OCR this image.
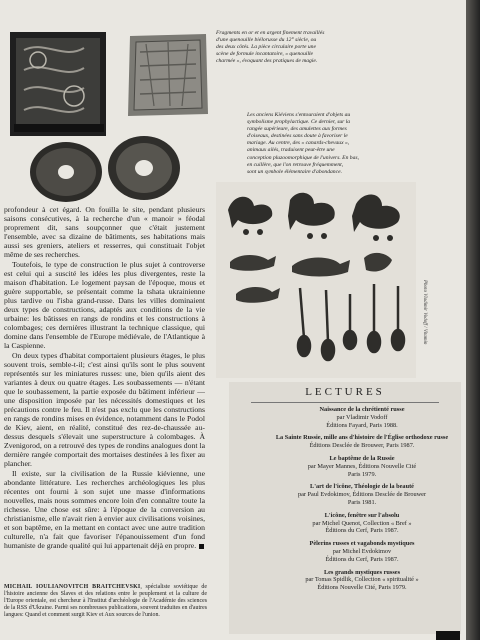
Fragments en or et en argent finement travaillés
d'une quenouille biélorusse du 12° siècle, ou
des deux côtés. La pièce circulaire porte une
scène de formule incantatoire, « quenouille
charmée », évoquant des pratiques de magie.
Les anciens Kiéviens s'entouraient d'objets au
symbolisme prophylactique. Ce dernier, sur la
rangée supérieure, des amulettes aux formes
d'oiseaux, destinées sans doute à favoriser le
mariage. Au centre, des « canards-chevaux »,
animaux ailés, traduisent peut-être une
conception pluzoomorphique de l'univers. En bas,
en cuillère, que l'on retrouve fréquemment,
sont un symbole élémentaire d'abondance.
Photo Vladimir Vodoff / Vitamin

profondeur à cet égard. On fouilla le site, pendant plusieurs saisons consécutives, à la recherche d'un « manoir » féodal proprement dit, sans soupçonner que c'était justement l'ensemble, avec sa dizaine de bâtiments, ses habitations mais aussi ses greniers, ateliers et resserres, qui constituait l'objet même de ses recherches.

Toutefois, le type de construction le plus sujet à controverse est celui qui a suscité les idées les plus divergentes, reste la maison d'habitation. Le logement paysan de l'époque, mous et guère supportable, se présentait comme la tshata ukrainienne plus tardive ou l'isba grand-russe. Dans les villes dominaient deux types de constructions, adaptés aux conditions de la vie urbaine: les bâtisses en rangs de rondins et les constructions à colombages; ces dernières illustrant la technique classique, qui domine dans l'ensemble de l'Europe médiévale, de l'Atlantique à la Caspienne.

On deux types d'habitat comportaient plusieurs étages, le plus souvent trois, semble-t-il; c'est ainsi qu'ils sont le plus souvent représentés sur les miniatures russes: une, bien qu'ils aient des variantes à deux ou quatre étages. Les soubassements — n'étant que le soubassement, la partie exposée du bâtiment inférieur — une disposition imposée par les nécessités domestiques et les précautions contre le feu. Il n'est pas exclu que les constructions en rangs de rondins mises en évidence, notamment dans le Podol de Kiev, aient, en réalité, constitué des rez-de-chaussée au-dessus desquels s'élevait une superstructure à colombages. À Zvenigorod, on a retrouvé des types de rondins analogues dont la dernière rangée comportait des mortaises destinées à les fixer au plancher.

Il existe, sur la civilisation de la Russie kiévienne, une abondante littérature. Les recherches archéologiques les plus récentes ont fourni à son sujet une masse d'informations nouvelles, mais nous sommes encore loin d'en connaître toute la richesse. Une chose est sûre: à l'époque de la conversion au christianisme, elle n'avait rien à envier aux civilisations voisines, et son baptême, en la mettant en contact avec une autre tradition culturelle, n'a fait que favoriser l'épanouissement d'un fond humaniste de grande qualité qui lui appartenait déjà en propre.

MICHAIL IOULIANOVITCH BRAITCHEVSKI, spécialiste soviétique de l'histoire ancienne des Slaves et des relations entre le peuplement et la culture de l'Europe orientale, est chercheur à l'Institut d'archéologie de l'Académie des sciences de la RSS d'Ukraine. Parmi ses nombreuses publications, souvent traduites en d'autres langues: Quand et comment surgit Kiev et Aux sources de l'union.
LECTURES
Naissance de la chrétienté russe
par Vladimir Vodoff
Éditions Fayard, Paris 1988.
La Sainte Russie, mille ans d'histoire de l'Église orthodoxe russe
Éditions Desclée de Brouwer, Paris 1987.
Le baptême de la Russie
par Mayer Mannes, Éditions Nouvelle Cité
Paris 1979.
L'art de l'icône, Théologie de la beauté
par Paul Evdokimov, Éditions Desclée de Brouwer
Paris 1981.
L'icône, fenêtre sur l'absolu
par Michel Quenot, Collection « Bref »
Éditions du Cerf, Paris 1987.
Pèlerins russes et vagabonds mystiques
par Michel Evdokimov
Éditions du Cerf, Paris 1987.
Les grands mystiques russes
par Tomas Spidlik, Collection « spiritualité »
Éditions Nouvelle Cité, Paris 1979.
